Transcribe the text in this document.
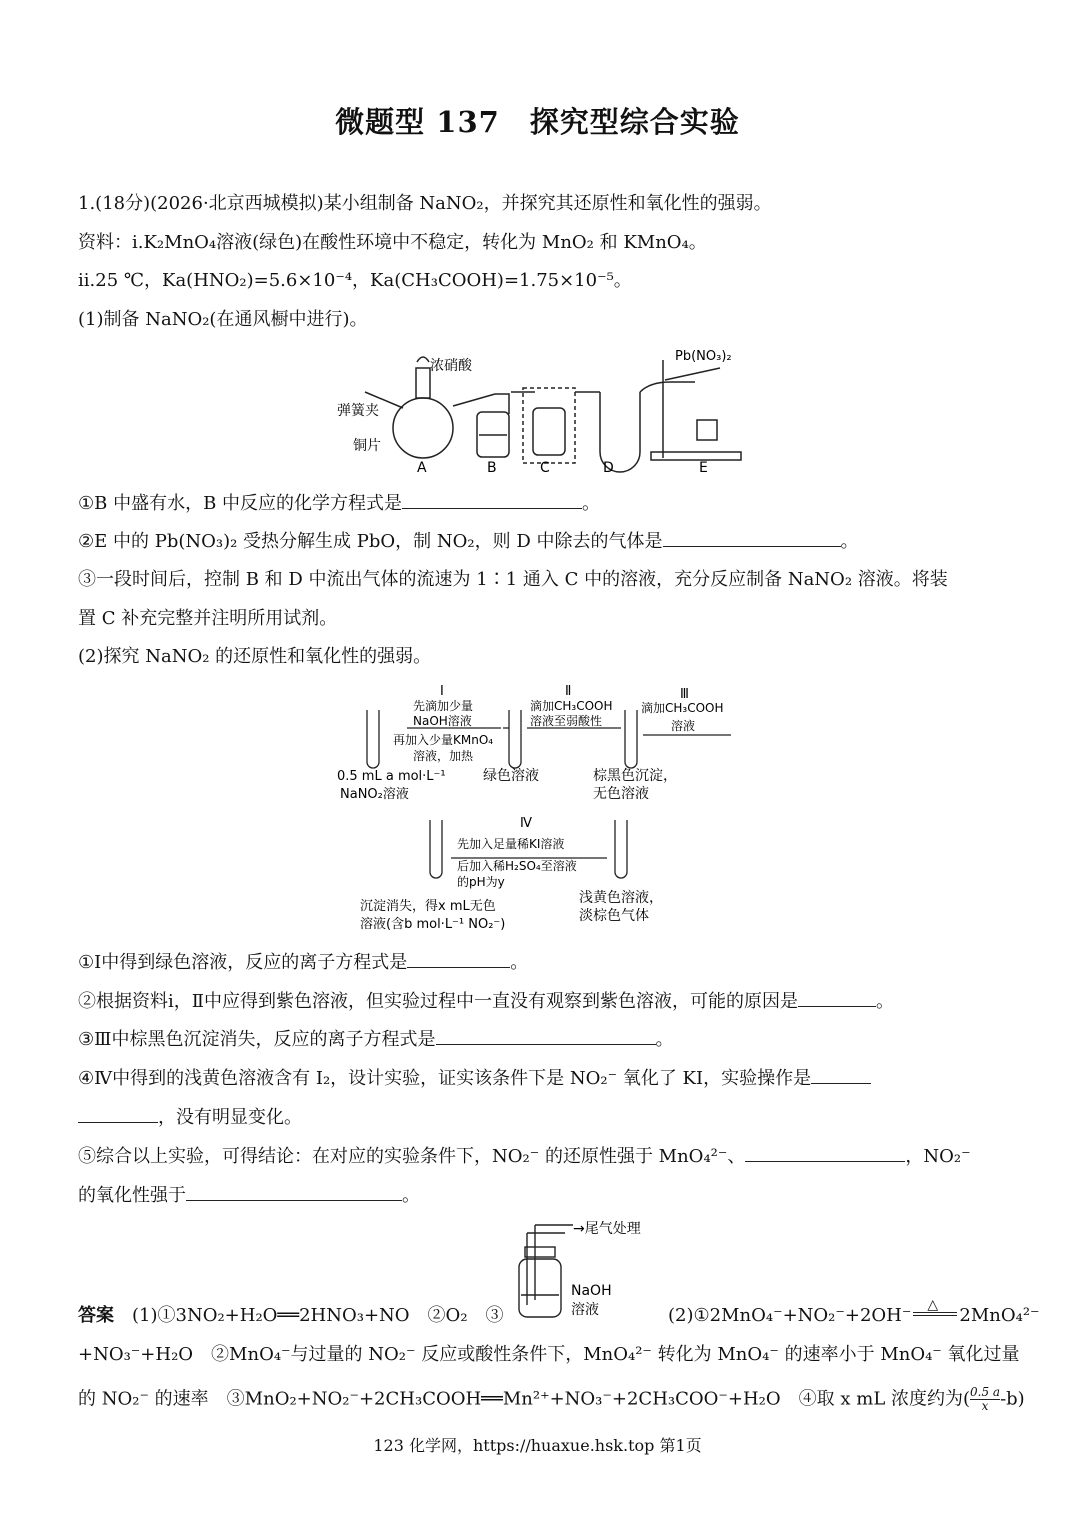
微题型 137　探究型综合实验
1.(18分)(2026·北京西城模拟)某小组制备 NaNO₂，并探究其还原性和氧化性的强弱。
资料：ⅰ.K₂MnO₄溶液(绿色)在酸性环境中不稳定，转化为 MnO₂ 和 KMnO₄。
ⅱ.25 ℃，Ka(HNO₂)=5.6×10⁻⁴，Ka(CH₃COOH)=1.75×10⁻⁵。
(1)制备 NaNO₂(在通风橱中进行)。
浓硝酸
弹簧夹
铜片
Pb(NO₃)₂
A	B	C	D	E
①B 中盛有水，B 中反应的化学方程式是	。
②E 中的 Pb(NO₃)₂ 受热分解生成 PbO，制 NO₂，则 D 中除去的气体是	。
③一段时间后，控制 B 和 D 中流出气体的流速为 1∶1 通入 C 中的溶液，充分反应制备 NaNO₂ 溶液。将装
置 C 补充完整并注明所用试剂。
(2)探究 NaNO₂ 的还原性和氧化性的强弱。
Ⅰ
先滴加少量
NaOH溶液
再加入少量KMnO₄
溶液，加热
Ⅱ
滴加CH₃COOH
溶液至弱酸性
Ⅲ
滴加CH₃COOH
溶液
0.5 mL a mol·L⁻¹
NaNO₂溶液
绿色溶液	棕黑色沉淀，
无色溶液
Ⅳ
先加入足量稀KI溶液
后加入稀H₂SO₄至溶液
的pH为y
沉淀消失，得x mL无色
溶液(含b mol·L⁻¹ NO₂⁻)
浅黄色溶液，
淡棕色气体
①Ⅰ中得到绿色溶液，反应的离子方程式是	。
②根据资料ⅰ，Ⅱ中应得到紫色溶液，但实验过程中一直没有观察到紫色溶液，可能的原因是	。
③Ⅲ中棕黑色沉淀消失，反应的离子方程式是	。
④Ⅳ中得到的浅黄色溶液含有 I₂，设计实验，证实该条件下是 NO₂⁻ 氧化了 KI，实验操作是
，没有明显变化。
⑤综合以上实验，可得结论：在对应的实验条件下，NO₂⁻ 的还原性强于 MnO₄²⁻、	，NO₂⁻
的氧化性强于	。
→尾气处理
NaOH
溶液
答案　 (1)①3NO₂+H₂O══2HNO₃+NO　②O₂　③	(2)①2MnO₄⁻+NO₂⁻+2OH⁻ △ 2MnO₄²⁻
+NO₃⁻+H₂O　②MnO₄⁻与过量的 NO₂⁻ 反应或酸性条件下，MnO₄²⁻ 转化为 MnO₄⁻ 的速率小于 MnO₄⁻ 氧化过量
的 NO₂⁻ 的速率　③MnO₂+NO₂⁻+2CH₃COOH══Mn²⁺+NO₃⁻+2CH₃COO⁻+H₂O　④取 x mL 浓度约为( $\frac{0.5 a}{x} -b$)
123 化学网，https://huaxue.hsk.top 第1页
